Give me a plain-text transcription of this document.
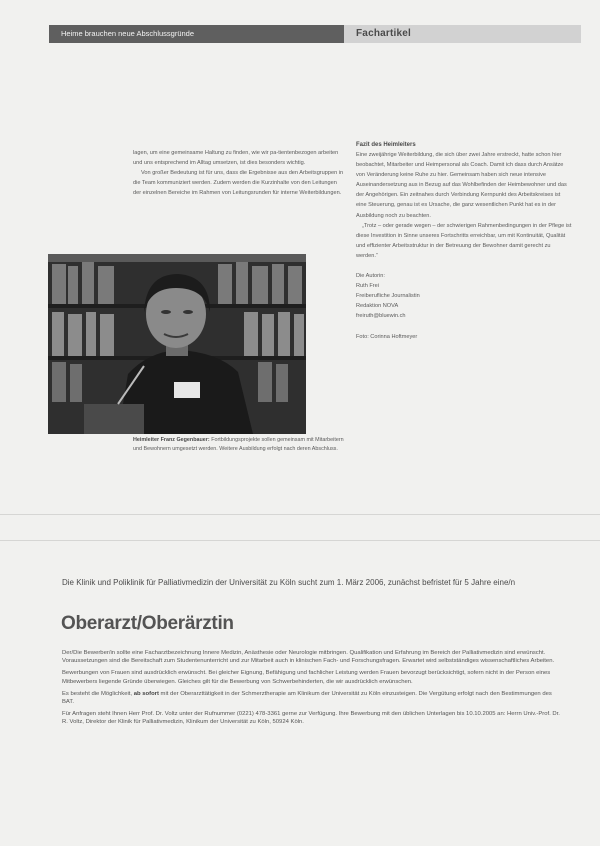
Heime brauchen neue Abschlussgründe	Fachartikel

lagen, um eine gemeinsame Haltung zu finden, wie wir pa-tientenbezogen arbeiten und uns entsprechend im Alltag umsetzen, ist dies besonders wichtig.

Von großer Bedeutung ist für uns, dass die Ergebnisse aus den Arbeitsgruppen in die Team kommuniziert werden. Zudem werden die Kurzinhalte von den Leitungen der einzelnen Bereiche im Rahmen von Leitungsrunden für interne Weiterbildungen.

Fazit des Heimleiters

Eine zweijährige Weiterbildung, die sich über zwei Jahre erstreckt, hatte schon hier beobachtet, Mitarbeiter und Heimpersonal als Coach. Damit ich dass durch Ansätze von Veränderung keine Ruhe zu hier. Gemeinsam haben sich neue intensive Auseinandersetzung aus in Bezug auf das Wohlbefinden der Heimbewohner und das der Angehörigen. Ein zeitnahes durch Verbindung Kernpunkt des Arbeitskreises ist eine Steuerung, genau ist es Ursache, die ganz wesentlichen Punkt hat es in der Ausbildung noch zu beachten.

„Trotz – oder gerade wegen – der schwierigen Rahmenbedingungen in der Pflege ist diese Investition in Sinne unseres Fortschritts erreichbar, um mit Kontinuität, Qualität und effizienter Arbeitsstruktur in der Betreuung der Bewohner damit gerecht zu werden.“

Die Autorin:

Ruth Frei

Freiberufliche Journalistin

Redaktion NOVA

freiruth@bluewin.ch

Foto: Corinna Hoftmeyer

Heimleiter Franz Gegenbauer: Fortbildungsprojekte sollen gemeinsam mit Mitarbeitern und Bewohnern umgesetzt werden. Weitere Ausbildung erfolgt nach deren Abschluss.
Die Klinik und Poliklinik für Palliativmedizin der Universität zu Köln sucht zum 1. März 2006, zunächst befristet für 5 Jahre eine/n
Oberarzt/Oberärztin

Der/Die Bewerber/in sollte eine Facharztbezeichnung Innere Medizin, Anästhesie oder Neurologie mitbringen. Qualifikation und Erfahrung im Bereich der Palliativmedizin sind erwünscht. Voraussetzungen sind die Bereitschaft zum Studentenunterricht und zur Mitarbeit auch in klinischen Fach- und Forschungsfragen. Erwartet wird selbstständiges wissenschaftliches Arbeiten.

Bewerbungen von Frauen sind ausdrücklich erwünscht. Bei gleicher Eignung, Befähigung und fachlicher Leistung werden Frauen bevorzugt berücksichtigt, sofern nicht in der Person eines Mitbewerbers liegende Gründe überwiegen. Gleiches gilt für die Bewerbung von Schwerbehinderten, die wir ausdrücklich erwünschen.

Es besteht die Möglichkeit, ab sofort mit der Oberarzttätigkeit in der Schmerztherapie am Klinikum der Universität zu Köln einzusteigen. Die Vergütung erfolgt nach den Bestimmungen des BAT.

Für Anfragen steht Ihnen Herr Prof. Dr. Voltz unter der Rufnummer (0221) 478-3361 gerne zur Verfügung. Ihre Bewerbung mit den üblichen Unterlagen bis 10.10.2005 an: Herrn Univ.-Prof. Dr. R. Voltz, Direktor der Klinik für Palliativmedizin, Klinikum der Universität zu Köln, 50924 Köln.
